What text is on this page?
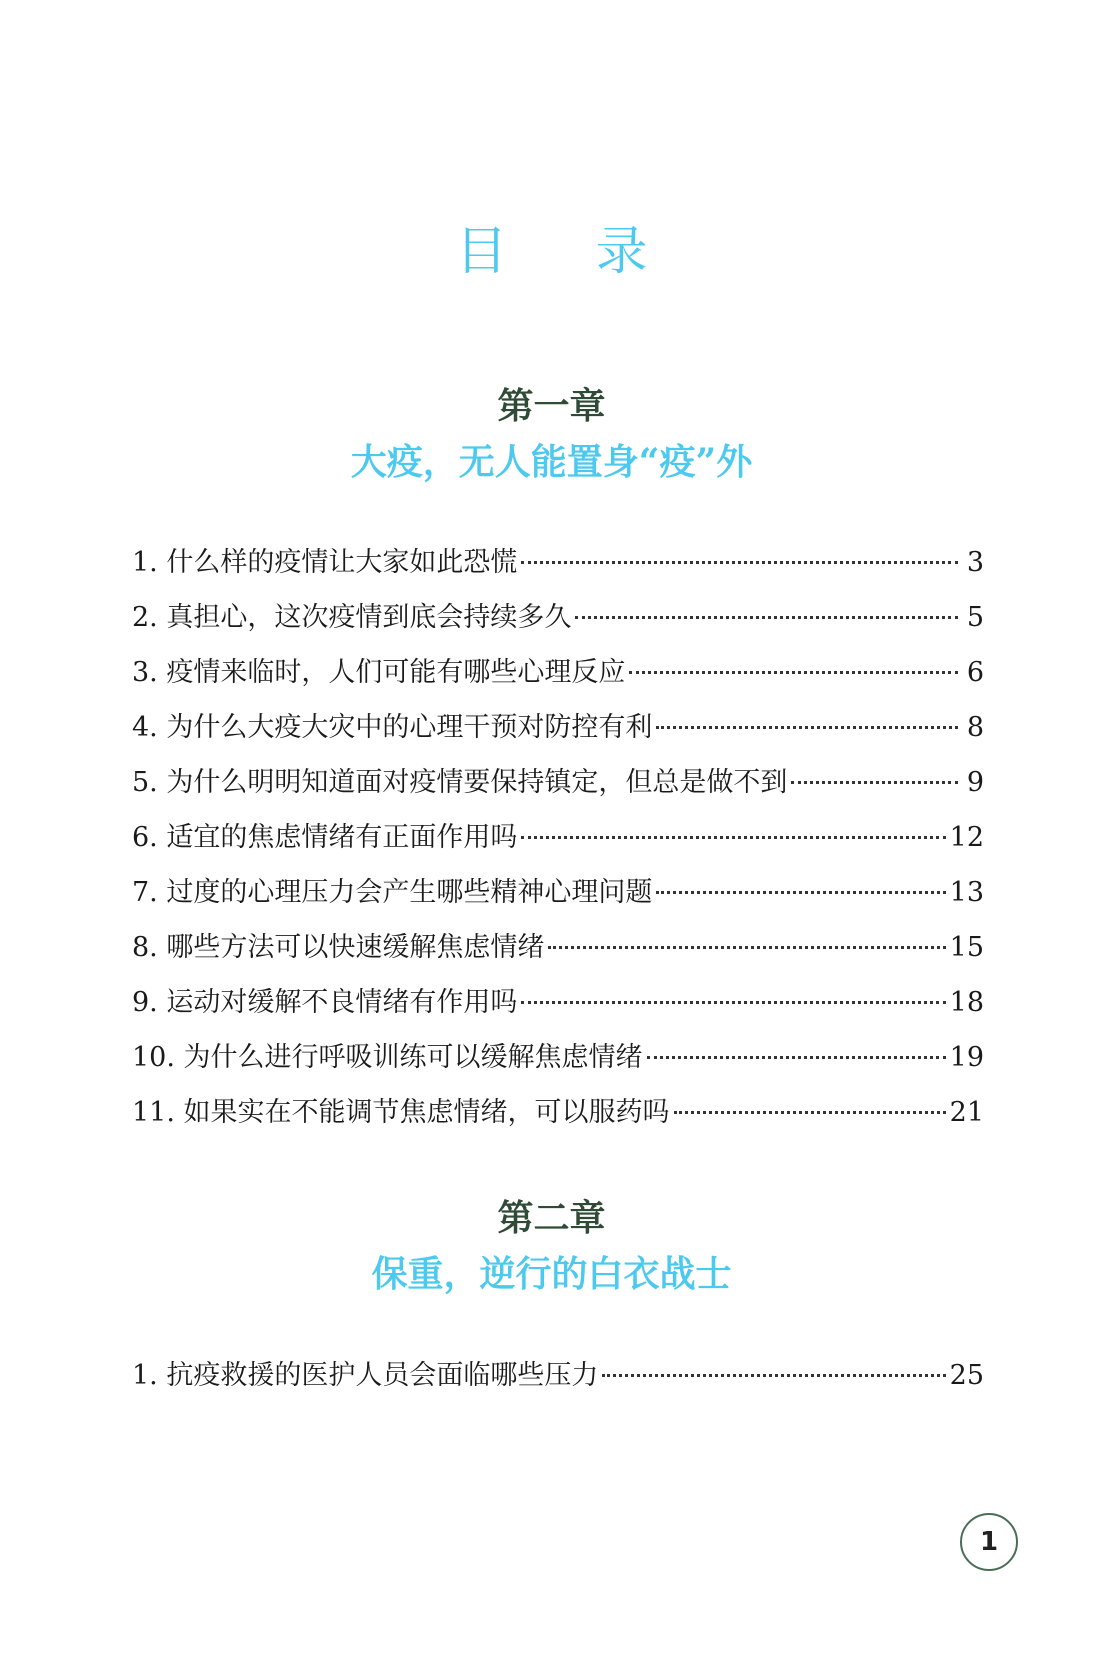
目录
第一章
大疫，无人能置身“疫”外
1. 什么样的疫情让大家如此恐慌	3
2. 真担心，这次疫情到底会持续多久	5
3. 疫情来临时，人们可能有哪些心理反应	6
4. 为什么大疫大灾中的心理干预对防控有利	8
5. 为什么明明知道面对疫情要保持镇定，但总是做不到	9
6. 适宜的焦虑情绪有正面作用吗	12
7. 过度的心理压力会产生哪些精神心理问题	13
8. 哪些方法可以快速缓解焦虑情绪	15
9. 运动对缓解不良情绪有作用吗	18
10. 为什么进行呼吸训练可以缓解焦虑情绪	19
11. 如果实在不能调节焦虑情绪，可以服药吗	21
第二章
保重，逆行的白衣战士
1. 抗疫救援的医护人员会面临哪些压力	25
1
